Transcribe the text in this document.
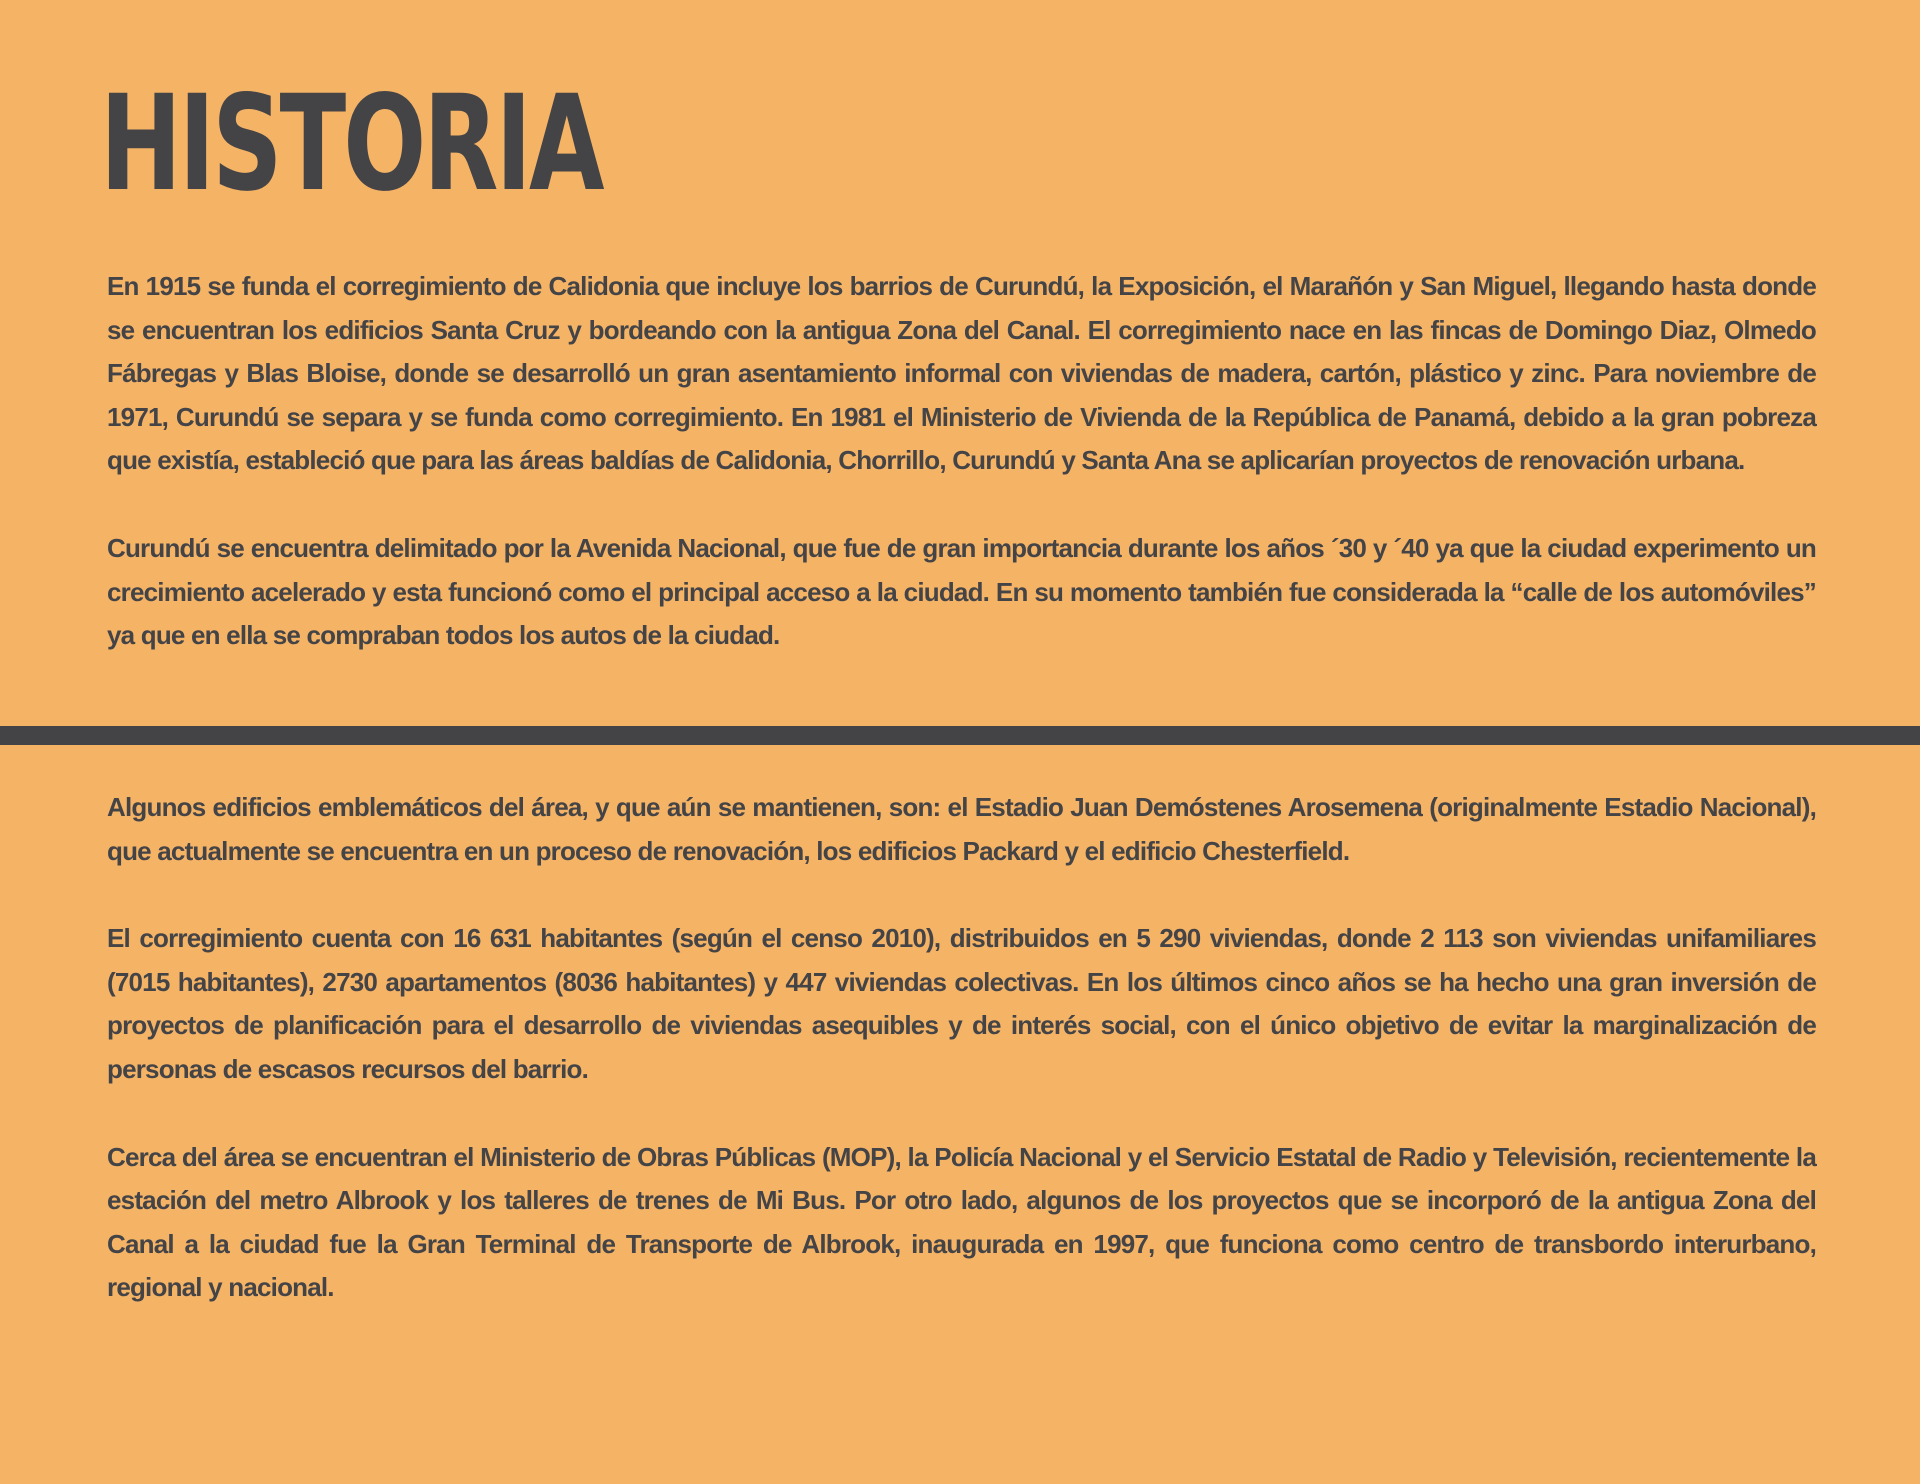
HISTORIA

En 1915 se funda el corregimiento de Calidonia que incluye los barrios de Curundú, la Exposición, el Marañón y San Miguel, llegando hasta donde se encuentran los edificios Santa Cruz y bordeando con la antigua Zona del Canal. El corregimiento nace en las fincas de Domingo Diaz, Olmedo Fábregas y Blas Bloise, donde se desarrolló un gran asentamiento informal con viviendas de madera, cartón, plástico y zinc. Para noviembre de 1971, Curundú se separa y se funda como corregimiento. En 1981 el Ministerio de Vivienda de la República de Panamá, debido a la gran pobreza que existía, estableció que para las áreas baldías de Calidonia, Chorrillo, Curundú y Santa Ana se aplicarían proyectos de renovación urbana.

Curundú se encuentra delimitado por la Avenida Nacional, que fue de gran importancia durante los años ´30 y ´40 ya que la ciudad experimento un crecimiento acelerado y esta funcionó como el principal acceso a la ciudad. En su momento también fue considerada la “calle de los automóviles” ya que en ella se compraban todos los autos de la ciudad.

Algunos edificios emblemáticos del área, y que aún se mantienen, son: el Estadio Juan Demóstenes Arosemena (originalmente Estadio Nacional), que actualmente se encuentra en un proceso de renovación, los edificios Packard y el edificio Chesterfield.

El corregimiento cuenta con 16 631 habitantes (según el censo 2010), distribuidos en 5 290 viviendas, donde 2 113 son viviendas unifamiliares (7015 habitantes), 2730 apartamentos (8036 habitantes) y 447 viviendas colectivas. En los últimos cinco años se ha hecho una gran inversión de proyectos de planificación para el desarrollo de viviendas asequibles y de interés social, con el único objetivo de evitar la marginalización de personas de escasos recursos del barrio.

Cerca del área se encuentran el Ministerio de Obras Públicas (MOP), la Policía Nacional y el Servicio Estatal de Radio y Televisión, recientemente la estación del metro Albrook y los talleres de trenes de Mi Bus. Por otro lado, algunos de los proyectos que se incorporó de la antigua Zona del Canal a la ciudad fue la Gran Terminal de Transporte de Albrook, inaugurada en 1997, que funciona como centro de transbordo interurbano, regional y nacional.
